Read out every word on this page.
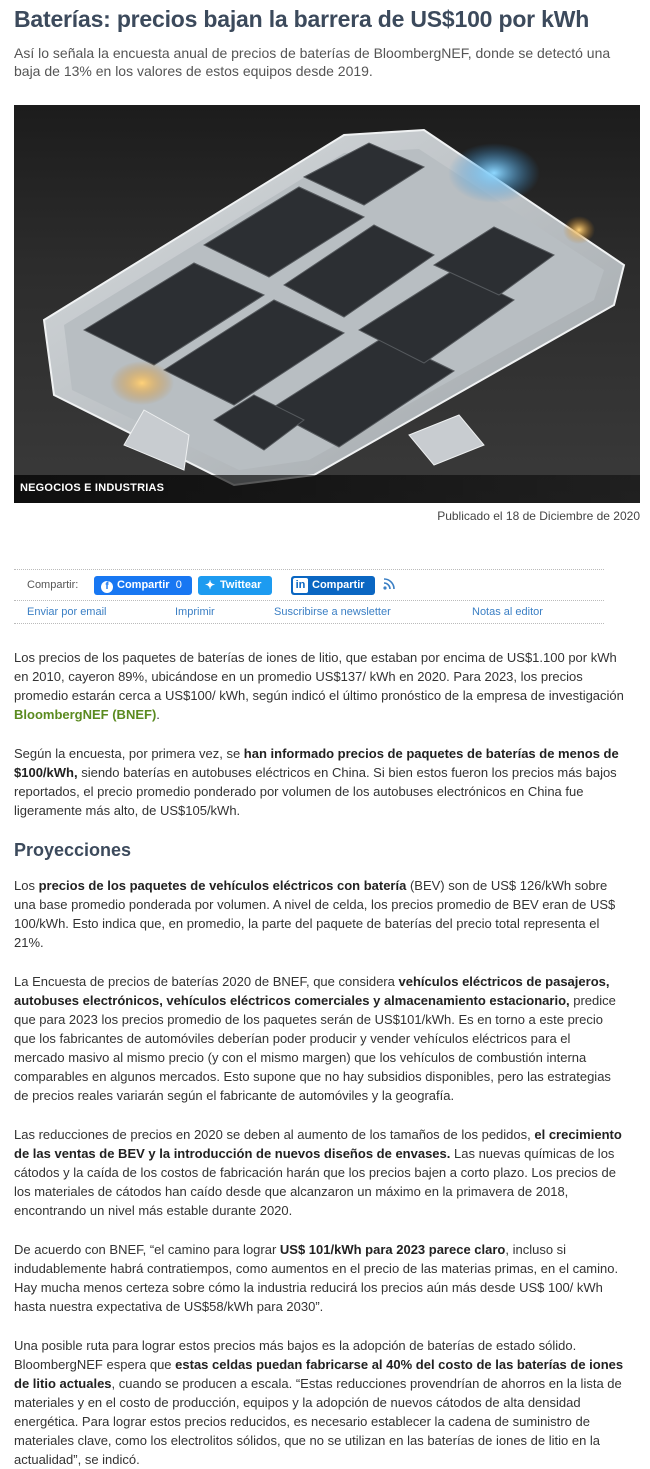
Baterías: precios bajan la barrera de US$100 por kWh

Así lo señala la encuesta anual de precios de baterías de BloombergNEF, donde se detectó una baja de 13% en los valores de estos equipos desde 2019.

NEGOCIOS E INDUSTRIAS
Publicado el 18 de Diciembre de 2020
Compartir:	f Compartir 0	✦ Twittear	in Compartir
Enviar por email	Imprimir	Suscribirse a newsletter	Notas al editor

Los precios de los paquetes de baterías de iones de litio, que estaban por encima de US$1.100 por kWh en 2010, cayeron 89%, ubicándose en un promedio US$137/ kWh en 2020. Para 2023, los precios promedio estarán cerca a US$100/ kWh, según indicó el último pronóstico de la empresa de investigación BloombergNEF (BNEF).

Según la encuesta, por primera vez, se han informado precios de paquetes de baterías de menos de $100/kWh, siendo baterías en autobuses eléctricos en China. Si bien estos fueron los precios más bajos reportados, el precio promedio ponderado por volumen de los autobuses electrónicos en China fue ligeramente más alto, de US$105/kWh.

Proyecciones

Los precios de los paquetes de vehículos eléctricos con batería (BEV) son de US$ 126/kWh sobre una base promedio ponderada por volumen. A nivel de celda, los precios promedio de BEV eran de US$ 100/kWh. Esto indica que, en promedio, la parte del paquete de baterías del precio total representa el 21%.

La Encuesta de precios de baterías 2020 de BNEF, que considera vehículos eléctricos de pasajeros, autobuses electrónicos, vehículos eléctricos comerciales y almacenamiento estacionario, predice que para 2023 los precios promedio de los paquetes serán de US$101/kWh. Es en torno a este precio que los fabricantes de automóviles deberían poder producir y vender vehículos eléctricos para el mercado masivo al mismo precio (y con el mismo margen) que los vehículos de combustión interna comparables en algunos mercados. Esto supone que no hay subsidios disponibles, pero las estrategias de precios reales variarán según el fabricante de automóviles y la geografía.

Las reducciones de precios en 2020 se deben al aumento de los tamaños de los pedidos, el crecimiento de las ventas de BEV y la introducción de nuevos diseños de envases. Las nuevas químicas de los cátodos y la caída de los costos de fabricación harán que los precios bajen a corto plazo. Los precios de los materiales de cátodos han caído desde que alcanzaron un máximo en la primavera de 2018, encontrando un nivel más estable durante 2020.

De acuerdo con BNEF, “el camino para lograr US$ 101/kWh para 2023 parece claro, incluso si indudablemente habrá contratiempos, como aumentos en el precio de las materias primas, en el camino. Hay mucha menos certeza sobre cómo la industria reducirá los precios aún más desde US$ 100/ kWh hasta nuestra expectativa de US$58/kWh para 2030”.

Una posible ruta para lograr estos precios más bajos es la adopción de baterías de estado sólido. BloombergNEF espera que estas celdas puedan fabricarse al 40% del costo de las baterías de iones de litio actuales, cuando se producen a escala. “Estas reducciones provendrían de ahorros en la lista de materiales y en el costo de producción, equipos y la adopción de nuevos cátodos de alta densidad energética. Para lograr estos precios reducidos, es necesario establecer la cadena de suministro de materiales clave, como los electrolitos sólidos, que no se utilizan en las baterías de iones de litio en la actualidad”, se indicó.
